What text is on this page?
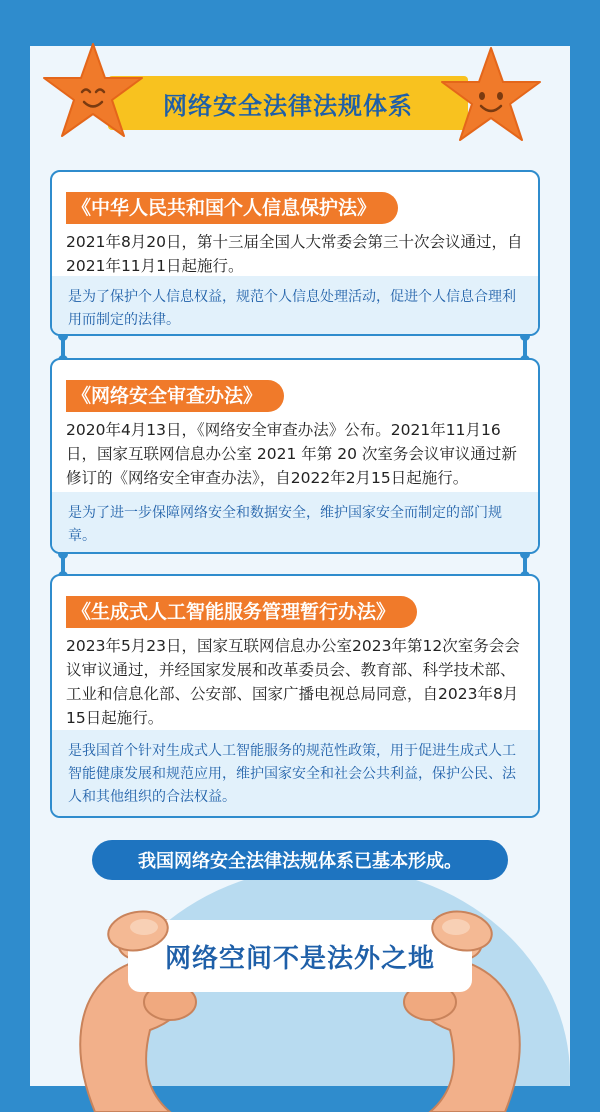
网络安全法律法规体系
《中华人民共和国个人信息保护法》
2021年8月20日，第十三届全国人大常委会第三十次会议通过，自2021年11月1日起施行。
是为了保护个人信息权益，规范个人信息处理活动，促进个人信息合理利用而制定的法律。
《网络安全审查办法》
2020年4月13日，《网络安全审查办法》公布。2021年11月16日，国家互联网信息办公室 2021 年第 20 次室务会议审议通过新修订的《网络安全审查办法》，自2022年2月15日起施行。
是为了进一步保障网络安全和数据安全，维护国家安全而制定的部门规章。
《生成式人工智能服务管理暂行办法》
2023年5月23日，国家互联网信息办公室2023年第12次室务会会议审议通过，并经国家发展和改革委员会、教育部、科学技术部、工业和信息化部、公安部、国家广播电视总局同意，自2023年8月15日起施行。
是我国首个针对生成式人工智能服务的规范性政策，用于促进生成式人工智能健康发展和规范应用，维护国家安全和社会公共利益，保护公民、法人和其他组织的合法权益。
我国网络安全法律法规体系已基本形成。
网络空间不是法外之地
